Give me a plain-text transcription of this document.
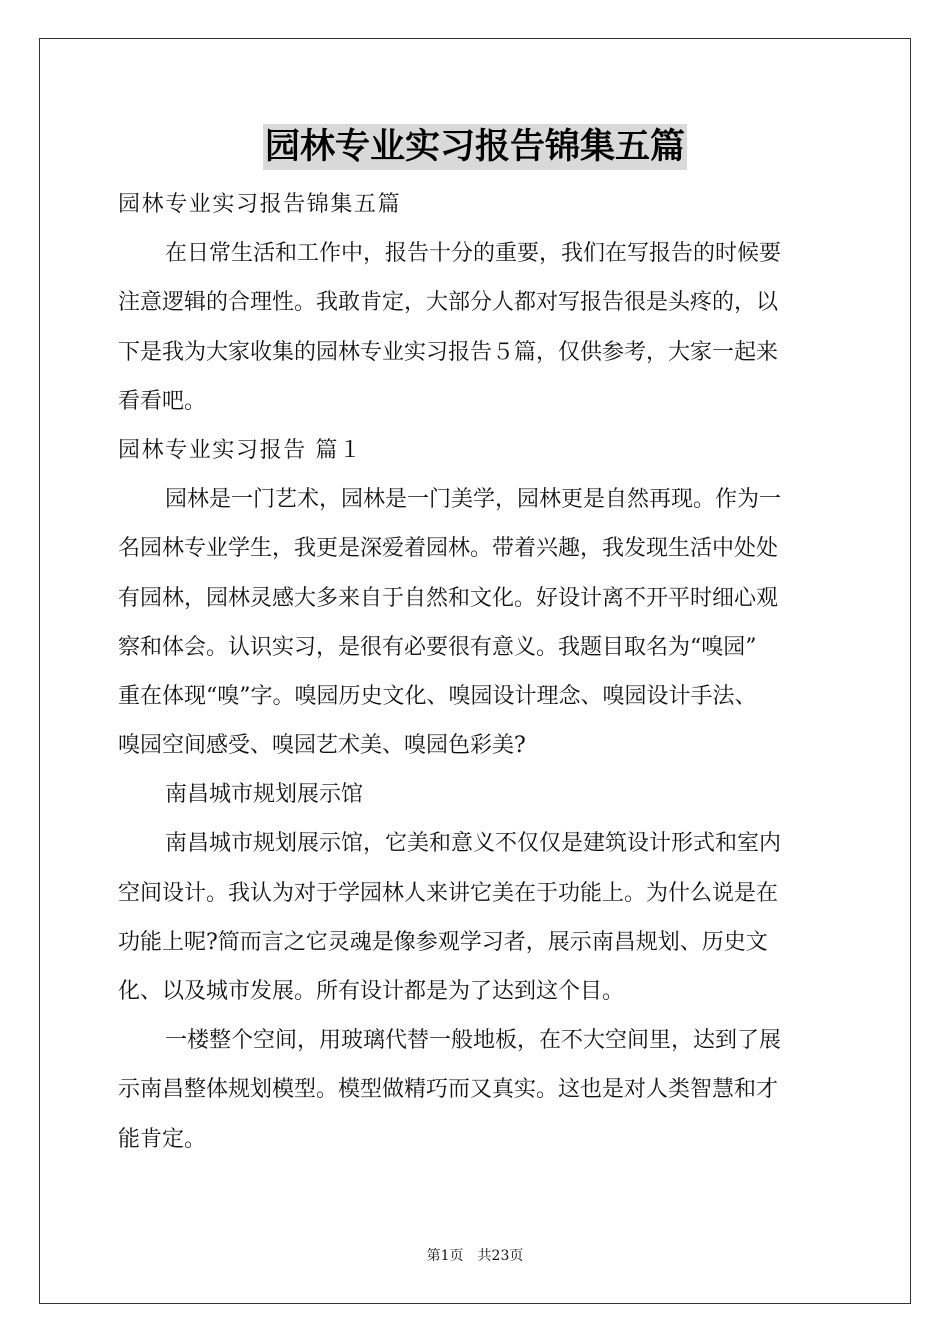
园林专业实习报告锦集五篇
园林专业实习报告锦集五篇
在日常生活和工作中，报告十分的重要，我们在写报告的时候要
注意逻辑的合理性。我敢肯定，大部分人都对写报告很是头疼的，以
下是我为大家收集的园林专业实习报告５篇，仅供参考，大家一起来
看看吧。
园林专业实习报告 篇１
园林是一门艺术，园林是一门美学，园林更是自然再现。作为一
名园林专业学生，我更是深爱着园林。带着兴趣，我发现生活中处处
有园林，园林灵感大多来自于自然和文化。好设计离不开平时细心观
察和体会。认识实习，是很有必要很有意义。我题目取名为“嗅园”
重在体现“嗅”字。嗅园历史文化、嗅园设计理念、嗅园设计手法、
嗅园空间感受、嗅园艺术美、嗅园色彩美?
南昌城市规划展示馆
南昌城市规划展示馆，它美和意义不仅仅是建筑设计形式和室内
空间设计。我认为对于学园林人来讲它美在于功能上。为什么说是在
功能上呢?简而言之它灵魂是像参观学习者，展示南昌规划、历史文
化、以及城市发展。所有设计都是为了达到这个目。
一楼整个空间，用玻璃代替一般地板，在不大空间里，达到了展
示南昌整体规划模型。模型做精巧而又真实。这也是对人类智慧和才
能肯定。
第1页 共23页
